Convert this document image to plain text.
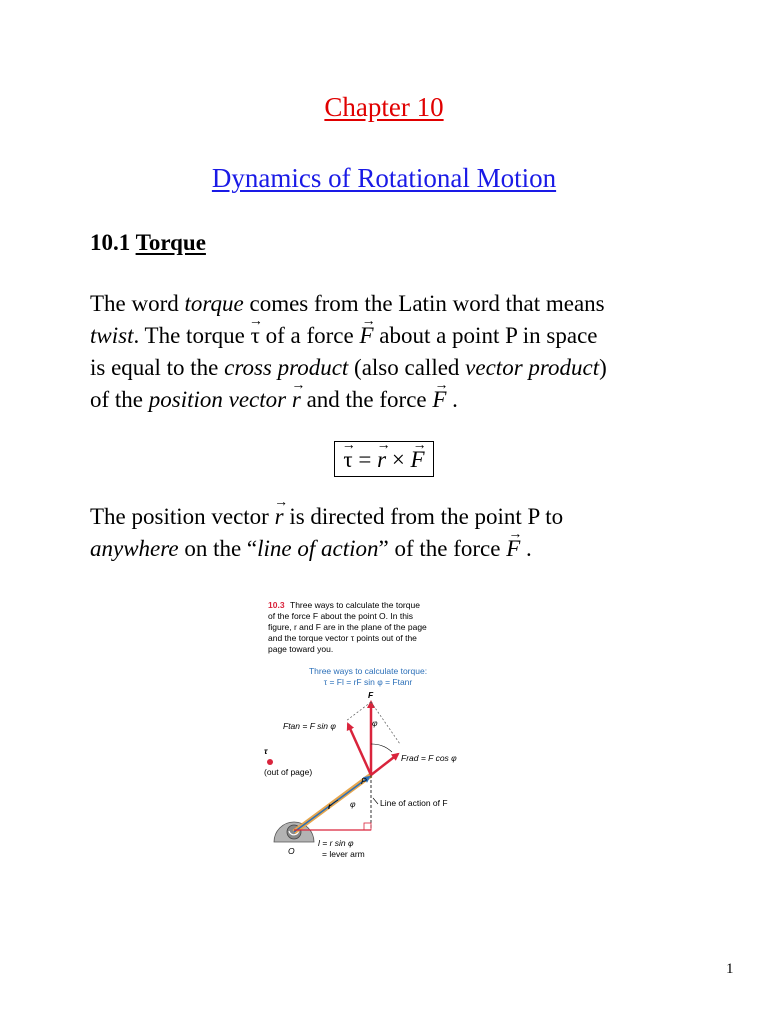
Chapter 10
Dynamics of Rotational Motion
10.1 Torque
The word torque comes from the Latin word that means
twist. The torque → τ of a force → F about a point P in space
is equal to the cross product (also called vector product)
of the position vector → r and the force → F .
→ τ = → r × → F
The position vector → r is directed from the point P to
anywhere on the “line of action” of the force → F .
10.3 Three ways to calculate the torque
of the force F about the point O. In this
figure, r and F are in the plane of the page
and the torque vector τ points out of the
page toward you.
Three ways to calculate torque:
τ = Fl = rF sin φ = Ftanr
O
r φ
P
l = r sin φ
= lever arm
Line of action of F
F
Ftan = F sin φ
Frad = F cos φ
φ
τ
(out of page)
1
